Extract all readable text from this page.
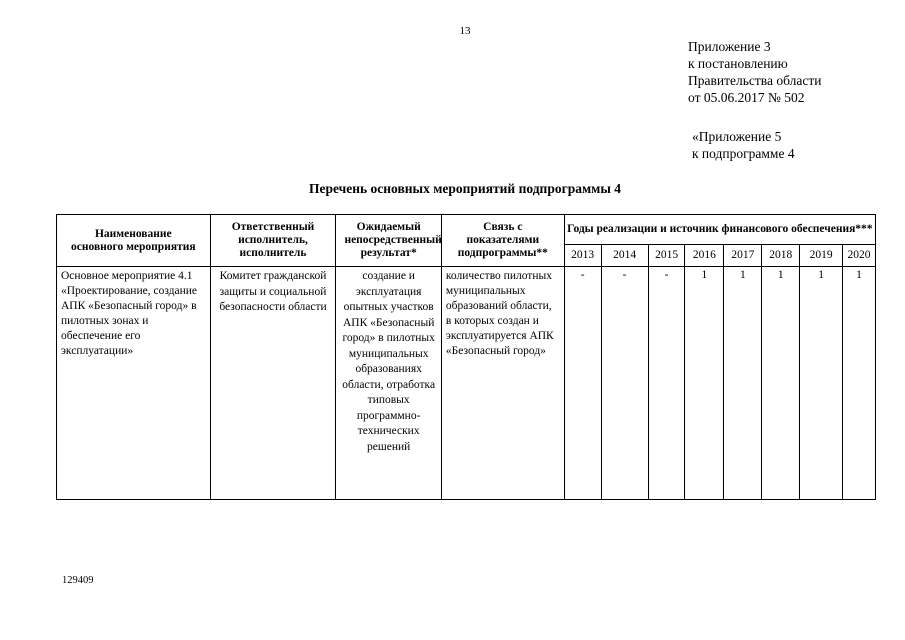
13
Приложение 3
к постановлению
Правительства области
от 05.06.2017 № 502
«Приложение 5
к подпрограмме 4
Перечень основных мероприятий подпрограммы 4
Наименование основного мероприятия	Ответственный исполнитель, исполнитель	Ожидаемый непосредственный результат*	Связь с показателями подпрограммы**	Годы реализации и источник финансового обеспечения***							
				2013	2014	2015	2016	2017	2018	2019	2020
Основное мероприятие 4.1 «Проектирование, создание АПК «Безопасный город» в пилотных зонах и обеспечение его эксплуатации»	Комитет гражданской защиты и социальной безопасности области	создание и эксплуатация опытных участков АПК «Безопасный город» в пилотных муниципальных образованиях области, отработка типовых программно-технических решений	количество пилотных муниципальных образований области, в которых создан и эксплуатируется АПК «Безопасный город»	-	-	-	1	1	1	1	1
129409
